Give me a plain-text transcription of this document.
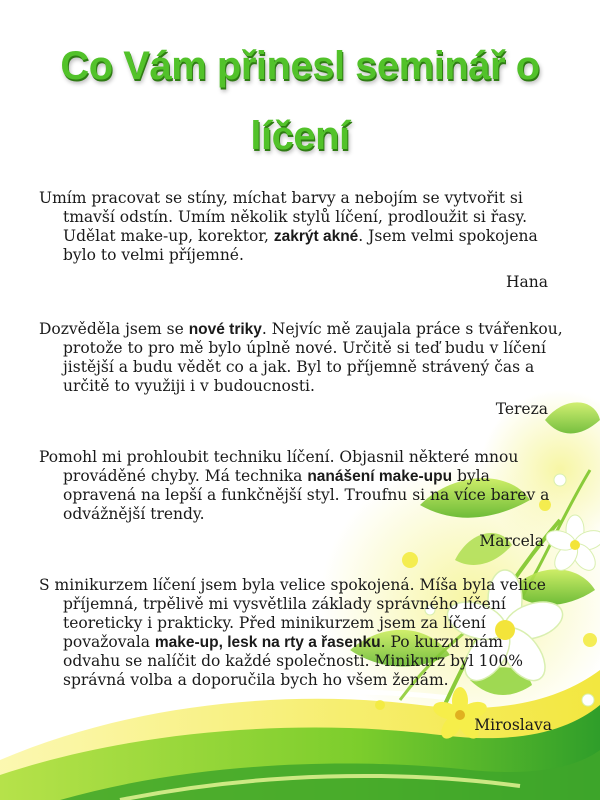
Co Vám přinesl seminář o
líčení

Umím pracovat se stíny, míchat barvy a nebojím se vytvořit si tmavší odstín. Umím několik stylů líčení, prodloužit si řasy. Udělat make-up, korektor, zakrýt akné. Jsem velmi spokojena bylo to velmi příjemné.

Hana

Dozvěděla jsem se nové triky. Nejvíc mě zaujala práce s tvářenkou, protože to pro mě bylo úplně nové. Určitě si teď budu v líčení jistější a budu vědět co a jak. Byl to příjemně strávený čas a určitě to využiji i v budoucnosti.

Tereza

Pomohl mi prohloubit techniku líčení. Objasnil některé mnou prováděné chyby. Má technika nanášení make-upu byla opravená na lepší a funkčnější styl. Troufnu si na více barev a odvážnější trendy.

Marcela

S minikurzem líčení jsem byla velice spokojená. Míša byla velice příjemná, trpělivě mi vysvětlila základy správného líčení teoreticky i prakticky. Před minikurzem jsem za líčení považovala make-up, lesk na rty a řasenku. Po kurzu mám odvahu se nalíčit do každé společnosti. Minikurz byl 100% správná volba a doporučila bych ho všem ženám.

Miroslava
